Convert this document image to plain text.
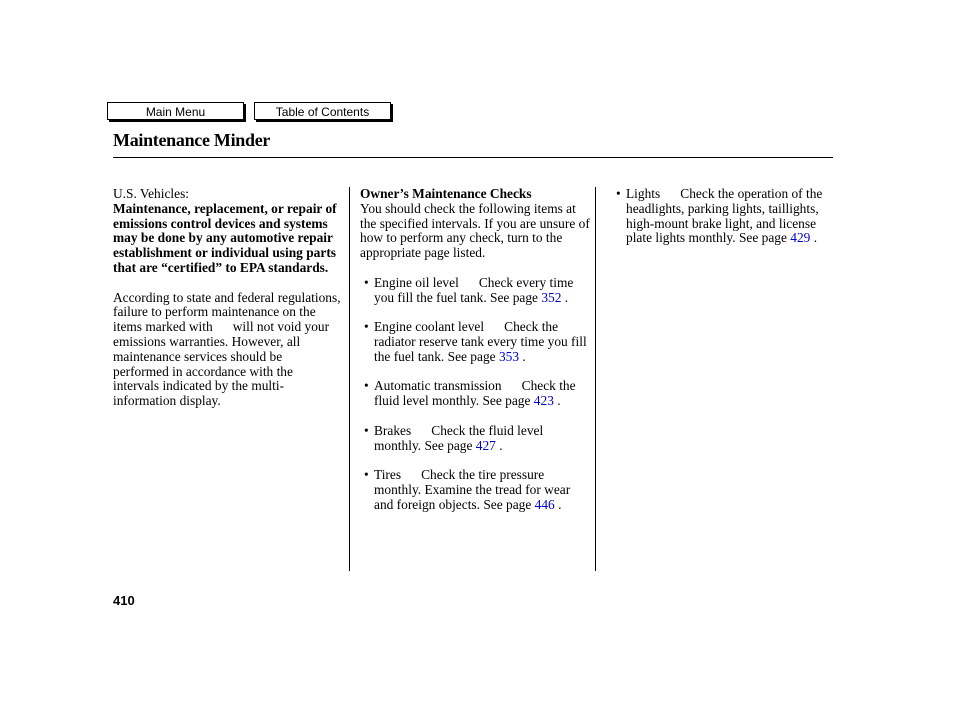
Main Menu	Table of Contents
Maintenance Minder

U.S. Vehicles:

Maintenance, replacement, or repair of emissions control devices and systems may be done by any automotive repair establishment or individual using parts that are “certified” to EPA standards.

According to state and federal regulations, failure to perform maintenance on the items marked with      will not void your emissions warranties. However, all maintenance services should be performed in accordance with the intervals indicated by the multi-information display.

Owner’s Maintenance Checks

You should check the following items at the specified intervals. If you are unsure of how to perform any check, turn to the appropriate page listed.

• Engine oil level      Check every time you fill the fuel tank. See page 352 .
• Engine coolant level      Check the radiator reserve tank every time you fill the fuel tank. See page 353 .
• Automatic transmission      Check the fluid level monthly. See page 423 .
• Brakes      Check the fluid level monthly. See page 427 .
• Tires      Check the tire pressure monthly. Examine the tread for wear and foreign objects. See page 446 .
• Lights      Check the operation of the headlights, parking lights, taillights, high-mount brake light, and license plate lights monthly. See page 429 .
410
